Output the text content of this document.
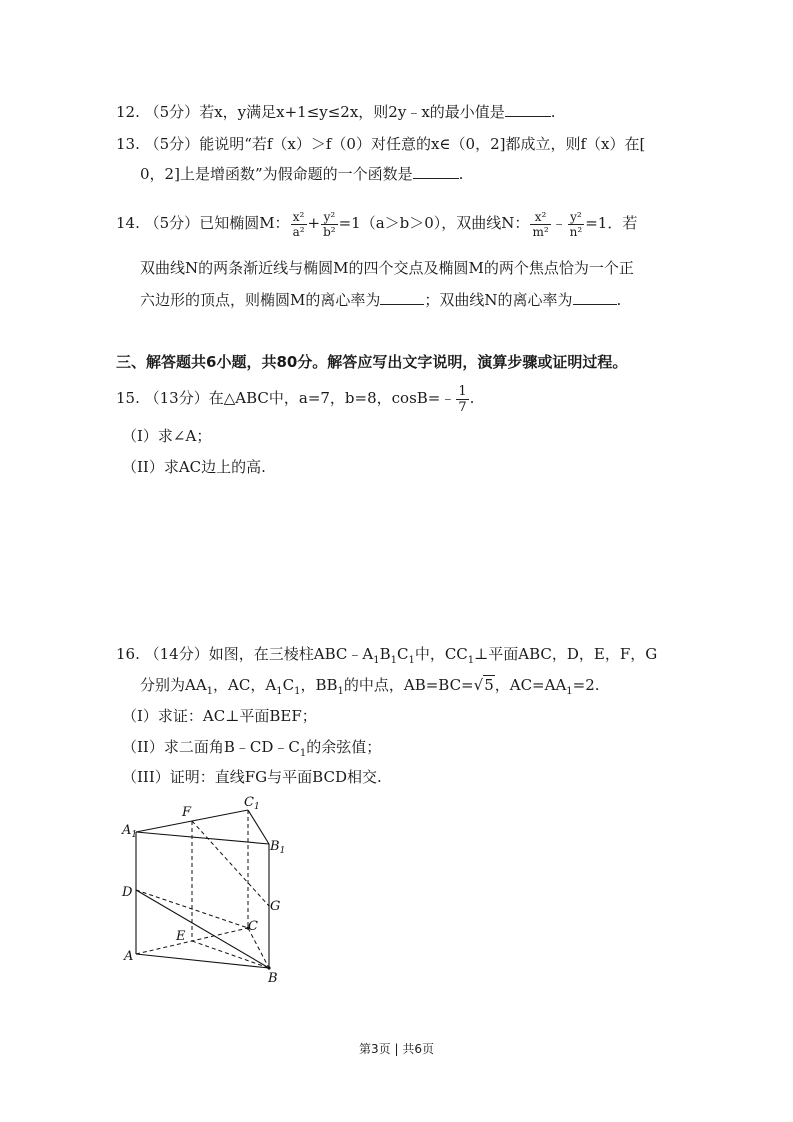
12. （5分）若x，y满足x+1≤y≤2x，则2y﹣x的最小值是	.
13. （5分）能说明“若f（x）＞f（0）对任意的x∈（0，2]都成立，则f（x）在[
0，2]上是增函数”为假命题的一个函数是	.
14. （5分）已知椭圆M： $\frac{\text{x²}}{\text{a²}} + \frac{\text{y²}}{\text{b²}} =1(a>b>0)$，双曲线N： $\frac{\text{x²}}{\text{m²}}$ ﹣ $\frac{\text{y²}}{\text{n²}} =1$．若
双曲线N的两条渐近线与椭圆M的四个交点及椭圆M的两个焦点恰为一个正
六边形的顶点，则椭圆M的离心率为	；双曲线N的离心率为	.
三、解答题共6小题，共80分。解答应写出文字说明，演算步骤或证明过程。
15. （13分）在△ABC中，a=7，b=8，cosB=﹣ $\frac{1}{7}$ .
（I）求∠A；
（II）求AC边上的高.
16. （14分）如图，在三棱柱$ABC﹣A_1B_1C_1$中，$CC_1\perp$平面ABC，D，E，F，G
分别为$AA_1$，AC，$A_1C_1$，$BB_1$的中点，AB=BC=√5，$AC=AA_1=2$.
（I）求证：AC⊥平面BEF；
（II）求二面角$B﹣CD﹣C_1$的余弦值；
（III）证明：直线FG与平面BCD相交.
$A_1$
F
$C_1$
$B_1$
D
G
E
C
A
B
第3页 | 共6页
